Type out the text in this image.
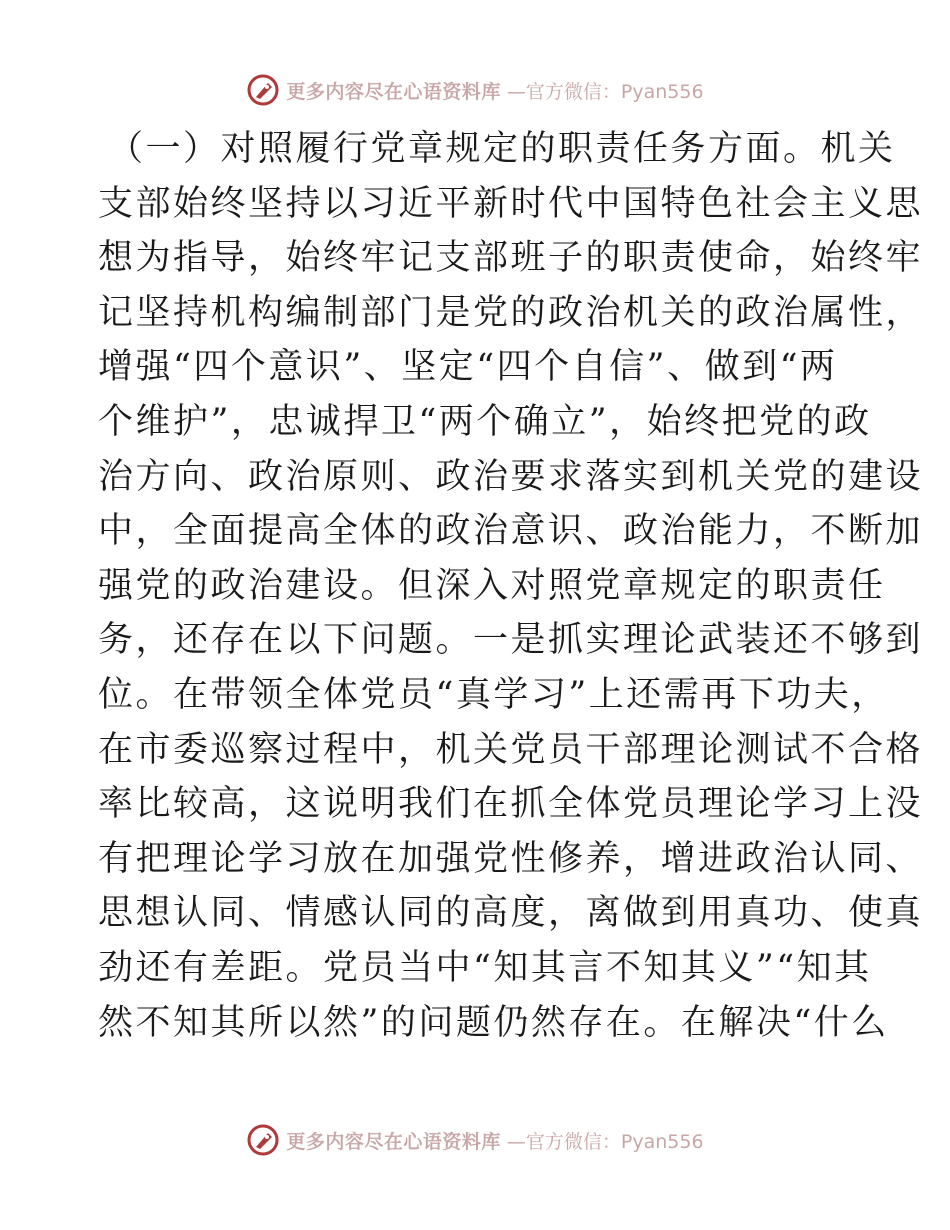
更多内容尽在心语资料库 —官方微信：Pyan556
（一）对照履行党章规定的职责任务方面。机关
支部始终坚持以习近平新时代中国特色社会主义思
想为指导，始终牢记支部班子的职责使命，始终牢
记坚持机构编制部门是党的政治机关的政治属性，
增强“四个意识”、坚定“四个自信”、做到“两
个维护”，忠诚捍卫“两个确立”，始终把党的政
治方向、政治原则、政治要求落实到机关党的建设
中，全面提高全体的政治意识、政治能力，不断加
强党的政治建设。但深入对照党章规定的职责任
务，还存在以下问题。一是抓实理论武装还不够到
位。在带领全体党员“真学习”上还需再下功夫，
在市委巡察过程中，机关党员干部理论测试不合格
率比较高，这说明我们在抓全体党员理论学习上没
有把理论学习放在加强党性修养，增进政治认同、
思想认同、情感认同的高度，离做到用真功、使真
劲还有差距。党员当中“知其言不知其义”“知其
然不知其所以然”的问题仍然存在。在解决“什么
更多内容尽在心语资料库 —官方微信：Pyan556
